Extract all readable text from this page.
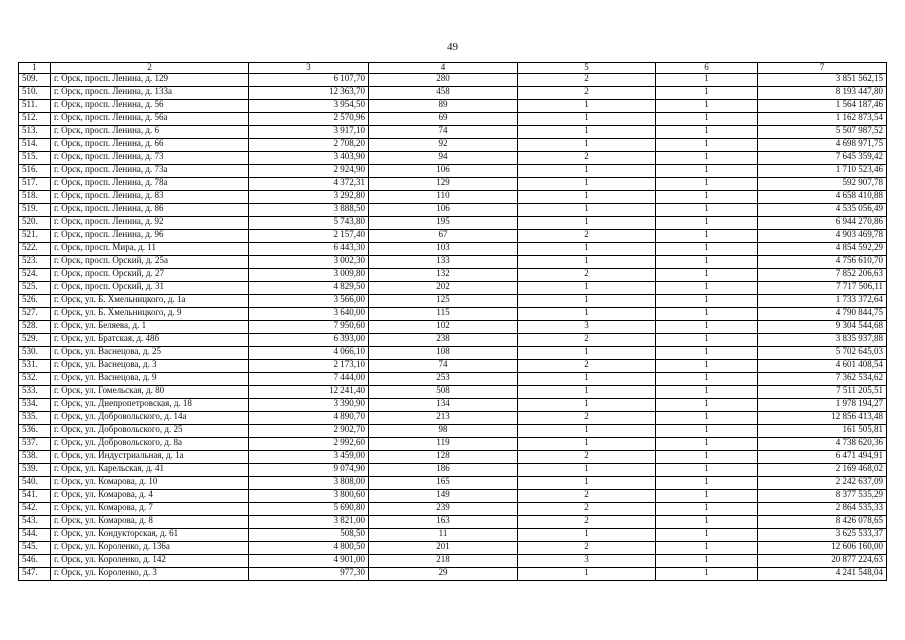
49
1	2	3	4	5	6	7
509.	г. Орск, просп. Ленина, д. 129	6 107,70	280	2	1	3 851 562,15
510.	г. Орск, просп. Ленина, д. 133а	12 363,70	458	2	1	8 193 447,80
511.	г. Орск, просп. Ленина, д. 56	3 954,50	89	1	1	1 564 187,46
512.	г. Орск, просп. Ленина, д. 56а	2 570,96	69	1	1	1 162 873,54
513.	г. Орск, просп. Ленина, д. 6	3 917,10	74	1	1	5 507 987,52
514.	г. Орск, просп. Ленина, д. 66	2 708,20	92	1	1	4 698 971,75
515.	г. Орск, просп. Ленина, д. 73	3 403,90	94	2	1	7 645 359,42
516.	г. Орск, просп. Ленина, д. 73а	2 924,90	106	1	1	1 710 523,46
517.	г. Орск, просп. Ленина, д. 78а	4 372,31	129	1	1	592 907,78
518.	г. Орск, просп. Ленина, д. 83	3 292,80	110	1	1	4 658 410,88
519.	г. Орск, просп. Ленина, д. 86	3 888,50	106	1	1	4 535 056,49
520.	г. Орск, просп. Ленина, д. 92	5 743,80	195	1	1	6 944 270,86
521.	г. Орск, просп. Ленина, д. 96	2 157,40	67	2	1	4 903 469,78
522.	г. Орск, просп. Мира, д. 11	6 443,30	103	1	1	4 854 592,29
523.	г. Орск, просп. Орский, д. 25а	3 002,30	133	1	1	4 756 610,70
524.	г. Орск, просп. Орский, д. 27	3 009,80	132	2	1	7 852 206,63
525.	г. Орск, просп. Орский, д. 31	4 829,50	202	1	1	7 717 506,11
526.	г. Орск, ул. Б. Хмельницкого, д. 1а	3 566,00	125	1	1	1 733 372,64
527.	г. Орск, ул. Б. Хмельницкого, д. 9	3 640,00	115	1	1	4 790 844,75
528.	г. Орск, ул. Беляева, д. 1	7 950,60	102	3	1	9 304 544,68
529.	г. Орск, ул. Братская, д. 48б	6 393,00	238	2	1	3 835 937,88
530.	г. Орск, ул. Васнецова, д. 25	4 066,10	108	1	1	5 702 645,03
531.	г. Орск, ул. Васнецова, д. 3	2 173,10	74	2	1	4 601 408,54
532.	г. Орск, ул. Васнецова, д. 9	7 444,00	253	1	1	7 362 534,62
533.	г. Орск, ул. Гомельская, д. 80	12 241,40	508	1	1	7 511 205,51
534.	г. Орск, ул. Днепропетровская, д. 18	3 390,90	134	1	1	1 978 194,27
535.	г. Орск, ул. Добровольского, д. 14а	4 890,70	213	2	1	12 856 413,48
536.	г. Орск, ул. Добровольского, д. 25	2 902,70	98	1	1	161 505,81
537.	г. Орск, ул. Добровольского, д. 8а	2 992,60	119	1	1	4 738 620,36
538.	г. Орск, ул. Индустриальная, д. 1а	3 459,00	128	2	1	6 471 494,91
539.	г. Орск, ул. Карельская, д. 41	9 074,90	186	1	1	2 169 468,02
540.	г. Орск, ул. Комарова, д. 10	3 808,00	165	1	1	2 242 637,09
541.	г. Орск, ул. Комарова, д. 4	3 800,60	149	2	1	8 377 535,29
542.	г. Орск, ул. Комарова, д. 7	5 690,80	239	2	1	2 864 535,33
543.	г. Орск, ул. Комарова, д. 8	3 821,00	163	2	1	8 426 078,65
544.	г. Орск, ул. Кондукторская, д. 61	508,50	11	1	1	3 625 533,37
545.	г. Орск, ул. Короленко, д. 136а	4 800,50	201	2	1	12 606 160,00
546.	г. Орск, ул. Короленко, д. 142	4 901,00	218	3	1	20 877 224,63
547.	г. Орск, ул. Короленко, д. 3	977,30	29	1	1	4 241 548,04
